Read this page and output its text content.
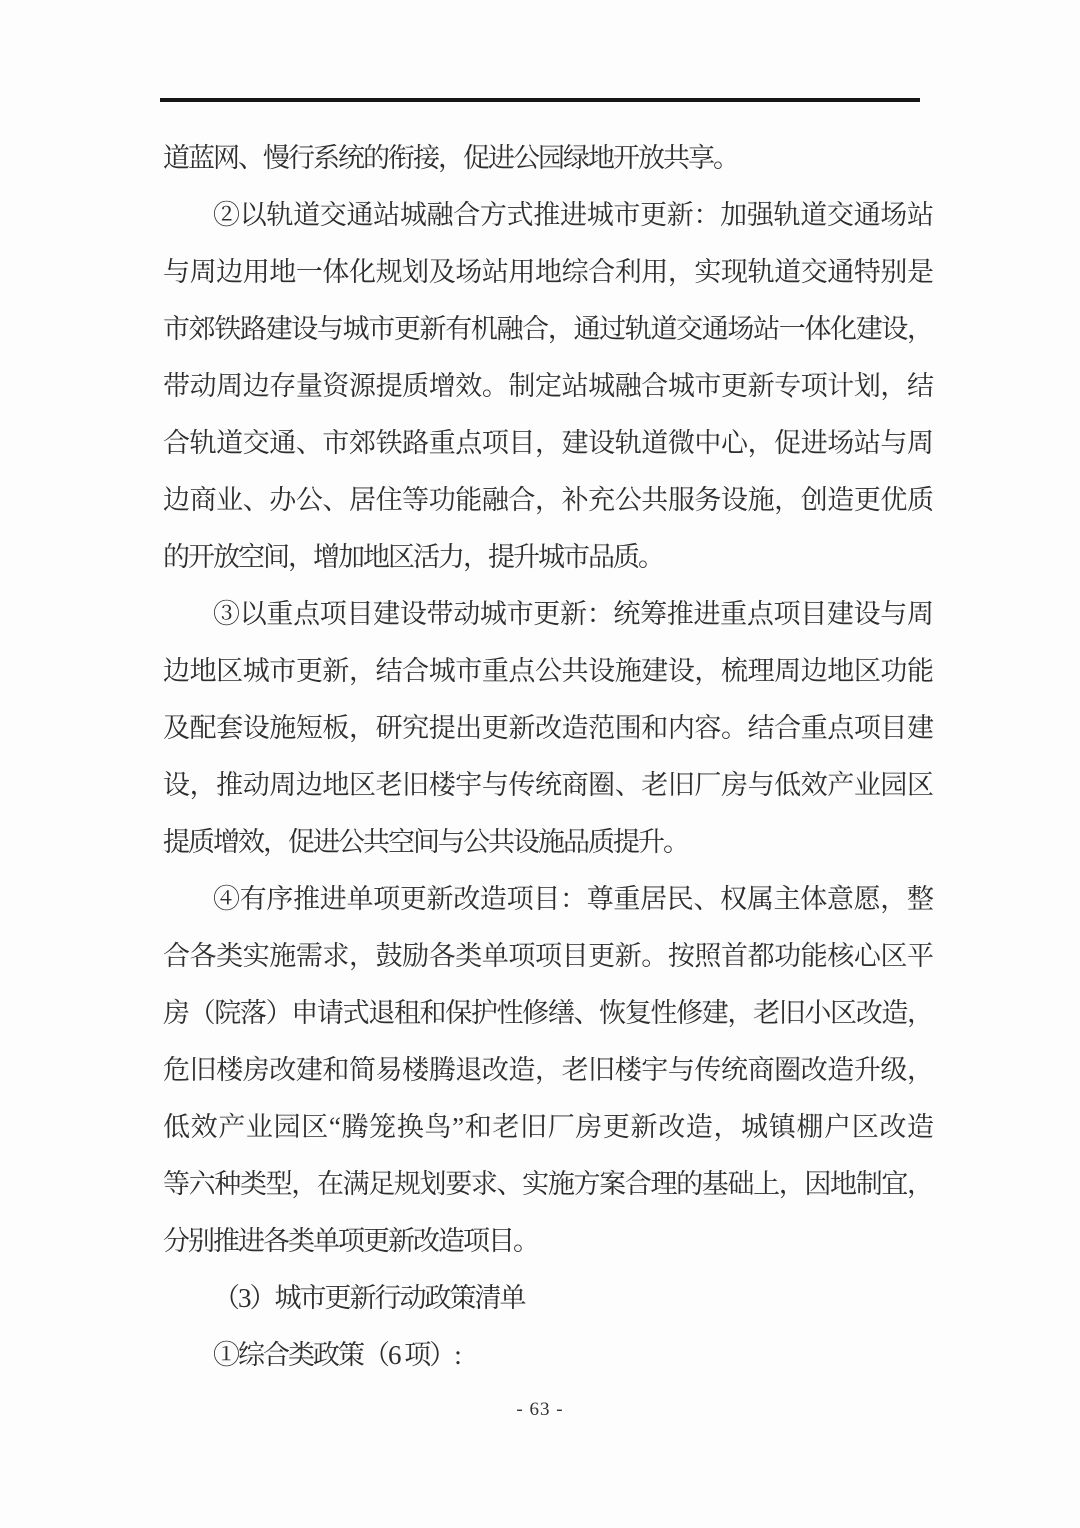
道蓝网、慢行系统的衔接，促进公园绿地开放共享。
②以轨道交通站城融合方式推进城市更新：加强轨道交通场站
与周边用地一体化规划及场站用地综合利用，实现轨道交通特别是
市郊铁路建设与城市更新有机融合，通过轨道交通场站一体化建设，
带动周边存量资源提质增效。制定站城融合城市更新专项计划，结
合轨道交通、市郊铁路重点项目，建设轨道微中心，促进场站与周
边商业、办公、居住等功能融合，补充公共服务设施，创造更优质
的开放空间，增加地区活力，提升城市品质。
③以重点项目建设带动城市更新：统筹推进重点项目建设与周
边地区城市更新，结合城市重点公共设施建设，梳理周边地区功能
及配套设施短板，研究提出更新改造范围和内容。结合重点项目建
设，推动周边地区老旧楼宇与传统商圈、老旧厂房与低效产业园区
提质增效，促进公共空间与公共设施品质提升。
④有序推进单项更新改造项目：尊重居民、权属主体意愿，整
合各类实施需求，鼓励各类单项项目更新。按照首都功能核心区平
房（院落）申请式退租和保护性修缮、恢复性修建，老旧小区改造，
危旧楼房改建和简易楼腾退改造，老旧楼宇与传统商圈改造升级，
低效产业园区“腾笼换鸟”和老旧厂房更新改造，城镇棚户区改造
等六种类型，在满足规划要求、实施方案合理的基础上，因地制宜，
分别推进各类单项更新改造项目。
（3）城市更新行动政策清单
①综合类政策（6 项）:
- 63 -
